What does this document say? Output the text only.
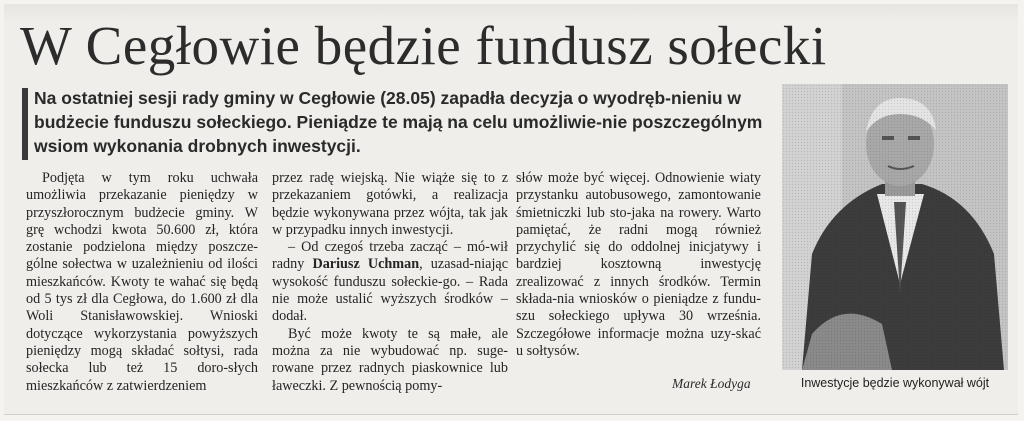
W Cegłowie będzie fundusz sołecki
Na ostatniej sesji rady gminy w Cegłowie (28.05) zapadła decyzja o wyodręb-nieniu w budżecie funduszu sołeckiego. Pieniądze te mają na celu umożliwie-nie poszczególnym wsiom wykonania drobnych inwestycji.

Podjęta w tym roku uchwała umożliwia przekazanie pieniędzy w przyszłorocznym budżecie gminy. W grę wchodzi kwota 50.600 zł, która zostanie podzielona między poszcze-gólne sołectwa w uzależnieniu od ilości mieszkańców. Kwoty te wahać się będą od 5 tys zł dla Cegłowa, do 1.600 zł dla Woli Stanisławowskiej. Wnioski dotyczące wykorzystania powyższych pieniędzy mogą składać sołtysi, rada sołecka lub też 15 doro-słych mieszkańców z zatwierdzeniem

przez radę wiejską. Nie wiąże się to z przekazaniem gotówki, a realizacja będzie wykonywana przez wójta, tak jak w przypadku innych inwestycji.

– Od czegoś trzeba zacząć – mó-wił radny Dariusz Uchman, uzasad-niając wysokość funduszu sołeckie-go. – Rada nie może ustalić wyższych środków – dodał.

Być może kwoty te są małe, ale można za nie wybudować np. suge-rowane przez radnych piaskownice lub ławeczki. Z pewnością pomy-

słów może być więcej. Odnowienie wiaty przystanku autobusowego, zamontowanie śmietniczki lub sto-jaka na rowery. Warto pamiętać, że radni mogą również przychylić się do oddolnej inicjatywy i bardziej kosztowną inwestycję zrealizować z innych środków. Termin składa-nia wniosków o pieniądze z fundu-szu sołeckiego upływa 30 września. Szczegółowe informacje można uzy-skać u sołtysów.

Marek Łodyga	Inwestycje będzie wykonywał wójt
